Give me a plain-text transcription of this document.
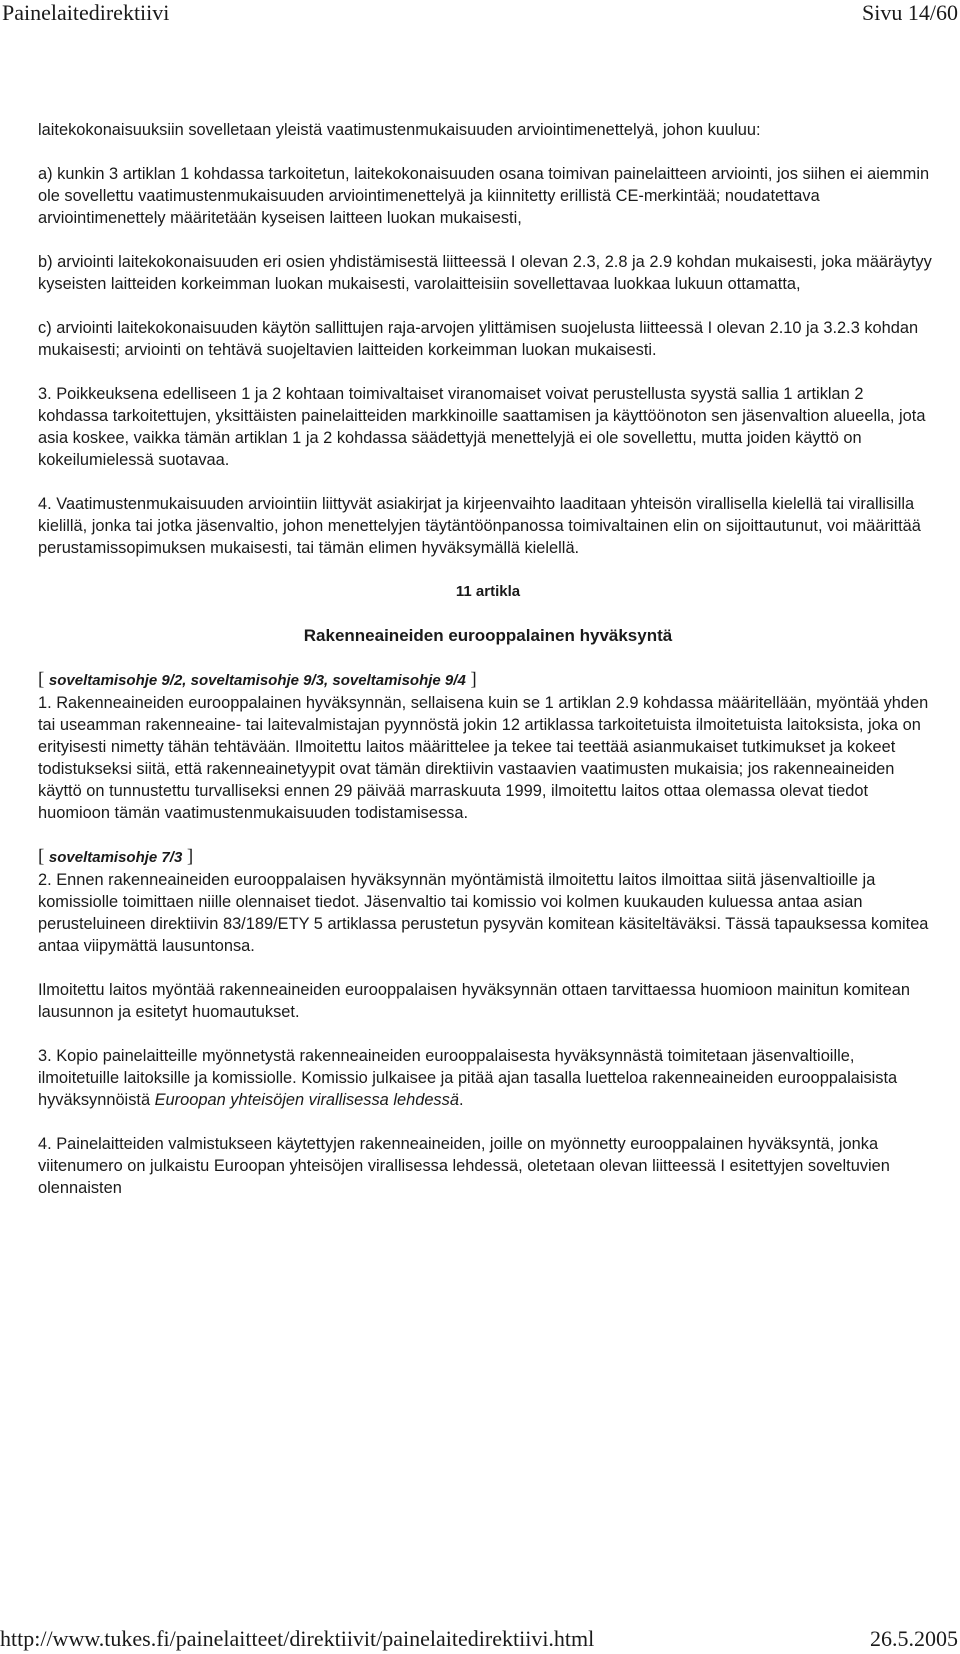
Painelaitedirektiivi	Sivu 14/60

laitekokonaisuuksiin sovelletaan yleistä vaatimustenmukaisuuden arviointimenettelyä, johon kuuluu:

a) kunkin 3 artiklan 1 kohdassa tarkoitetun, laitekokonaisuuden osana toimivan painelaitteen arviointi, jos siihen ei aiemmin ole sovellettu vaatimustenmukaisuuden arviointimenettelyä ja kiinnitetty erillistä CE-merkintää; noudatettava arviointimenettely määritetään kyseisen laitteen luokan mukaisesti,

b) arviointi laitekokonaisuuden eri osien yhdistämisestä liitteessä I olevan 2.3, 2.8 ja 2.9 kohdan mukaisesti, joka määräytyy kyseisten laitteiden korkeimman luokan mukaisesti, varolaitteisiin sovellettavaa luokkaa lukuun ottamatta,

c) arviointi laitekokonaisuuden käytön sallittujen raja-arvojen ylittämisen suojelusta liitteessä I olevan 2.10 ja 3.2.3 kohdan mukaisesti; arviointi on tehtävä suojeltavien laitteiden korkeimman luokan mukaisesti.

3. Poikkeuksena edelliseen 1 ja 2 kohtaan toimivaltaiset viranomaiset voivat perustellusta syystä sallia 1 artiklan 2 kohdassa tarkoitettujen, yksittäisten painelaitteiden markkinoille saattamisen ja käyttöönoton sen jäsenvaltion alueella, jota asia koskee, vaikka tämän artiklan 1 ja 2 kohdassa säädettyjä menettelyjä ei ole sovellettu, mutta joiden käyttö on kokeilumielessä suotavaa.

4. Vaatimustenmukaisuuden arviointiin liittyvät asiakirjat ja kirjeenvaihto laaditaan yhteisön virallisella kielellä tai virallisilla kielillä, jonka tai jotka jäsenvaltio, johon menettelyjen täytäntöönpanossa toimivaltainen elin on sijoittautunut, voi määrittää perustamissopimuksen mukaisesti, tai tämän elimen hyväksymällä kielellä.

11 artikla

Rakenneaineiden eurooppalainen hyväksyntä

[ soveltamisohje 9/2, soveltamisohje 9/3, soveltamisohje 9/4 ]

1. Rakenneaineiden eurooppalainen hyväksynnän, sellaisena kuin se 1 artiklan 2.9 kohdassa määritellään, myöntää yhden tai useamman rakenneaine- tai laitevalmistajan pyynnöstä jokin 12 artiklassa tarkoitetuista ilmoitetuista laitoksista, joka on erityisesti nimetty tähän tehtävään. Ilmoitettu laitos määrittelee ja tekee tai teettää asianmukaiset tutkimukset ja kokeet todistukseksi siitä, että rakenneainetyypit ovat tämän direktiivin vastaavien vaatimusten mukaisia; jos rakenneaineiden käyttö on tunnustettu turvalliseksi ennen 29 päivää marraskuuta 1999, ilmoitettu laitos ottaa olemassa olevat tiedot huomioon tämän vaatimustenmukaisuuden todistamisessa.

[ soveltamisohje 7/3 ]

2. Ennen rakenneaineiden eurooppalaisen hyväksynnän myöntämistä ilmoitettu laitos ilmoittaa siitä jäsenvaltioille ja komissiolle toimittaen niille olennaiset tiedot. Jäsenvaltio tai komissio voi kolmen kuukauden kuluessa antaa asian perusteluineen direktiivin 83/189/ETY 5 artiklassa perustetun pysyvän komitean käsiteltäväksi. Tässä tapauksessa komitea antaa viipymättä lausuntonsa.

Ilmoitettu laitos myöntää rakenneaineiden eurooppalaisen hyväksynnän ottaen tarvittaessa huomioon mainitun komitean lausunnon ja esitetyt huomautukset.

3. Kopio painelaitteille myönnetystä rakenneaineiden eurooppalaisesta hyväksynnästä toimitetaan jäsenvaltioille, ilmoitetuille laitoksille ja komissiolle. Komissio julkaisee ja pitää ajan tasalla luetteloa rakenneaineiden eurooppalaisista hyväksynnöistä Euroopan yhteisöjen virallisessa lehdessä.

4. Painelaitteiden valmistukseen käytettyjen rakenneaineiden, joille on myönnetty eurooppalainen hyväksyntä, jonka viitenumero on julkaistu Euroopan yhteisöjen virallisessa lehdessä, oletetaan olevan liitteessä I esitettyjen soveltuvien olennaisten

http://www.tukes.fi/painelaitteet/direktiivit/painelaitedirektiivi.html	26.5.2005
